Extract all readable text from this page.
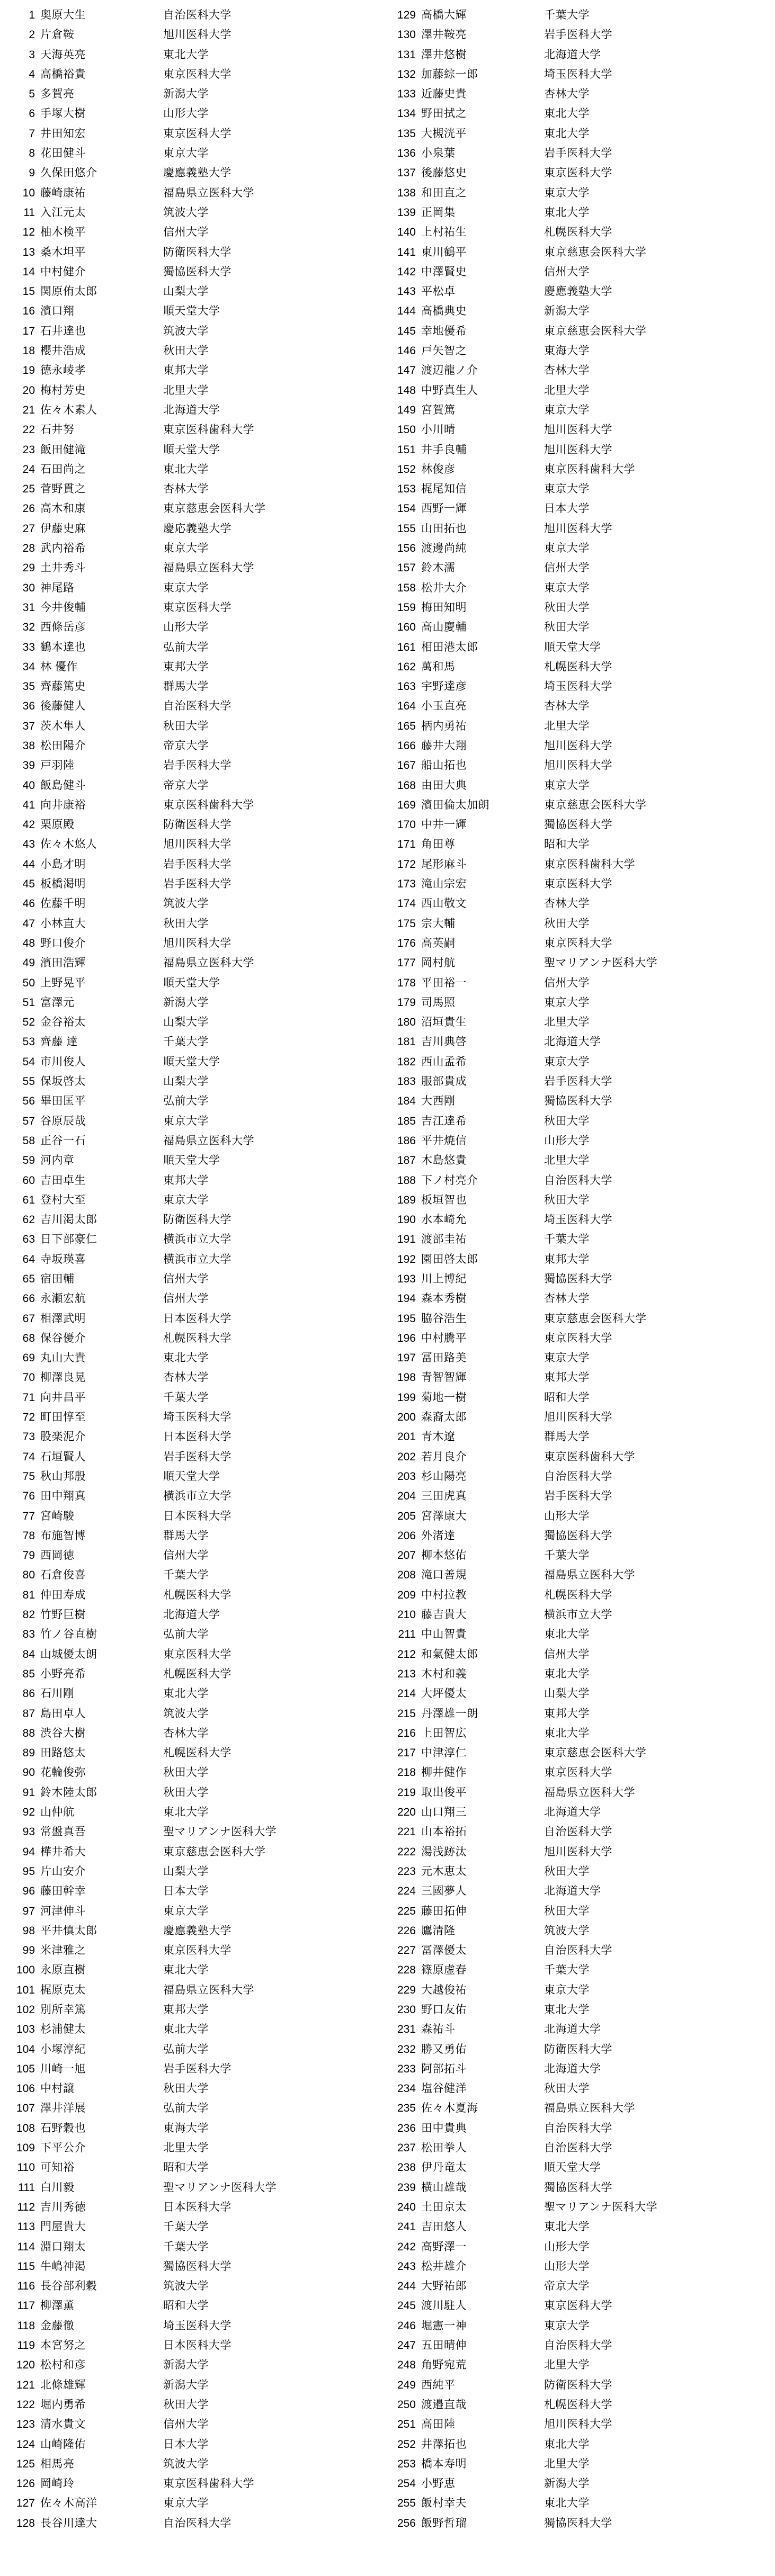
1 奥原大生	自治医科大学
2 片倉鞍	旭川医科大学
3 天海英亮	東北大学
4 高橋裕貴	東京医科大学
5 多賀亮	新潟大学
6 手塚大樹	山形大学
7 井田知宏	東京医科大学
8 花田健斗	東京大学
9 久保田悠介	慶應義塾大学
10 藤崎康祐	福島県立医科大学
11 入江元太	筑波大学
12 柚木検平	信州大学
13 桑木坦平	防衛医科大学
14 中村健介	獨協医科大学
15 関原侑太郎	山梨大学
16 濱口翔	順天堂大学
17 石井達也	筑波大学
18 櫻井浩成	秋田大学
19 德永崚孝	東邦大学
20 梅村芳史	北里大学
21 佐々木素人	北海道大学
22 石井努	東京医科歯科大学
23 飯田健滝	順天堂大学
24 石田尚之	東北大学
25 菅野貫之	杏林大学
26 高木和康	東京慈恵会医科大学
27 伊藤史麻	慶応義塾大学
28 武内裕希	東京大学
29 土井秀斗	福島県立医科大学
30 神尾路	東京大学
31 今井俊輔	東京医科大学
32 西條岳彦	山形大学
33 鶴本達也	弘前大学
34 林 優作	東邦大学
35 齊藤篤史	群馬大学
36 後藤健人	自治医科大学
37 茨木隼人	秋田大学
38 松田陽介	帝京大学
39 戸羽陸	岩手医科大学
40 飯島健斗	帝京大学
41 向井康裕	東京医科歯科大学
42 栗原殿	防衛医科大学
43 佐々木悠人	旭川医科大学
44 小島才明	岩手医科大学
45 板橋渇明	岩手医科大学
46 佐藤千明	筑波大学
47 小林直大	秋田大学
48 野口俊介	旭川医科大学
49 濱田浩輝	福島県立医科大学
50 上野晃平	順天堂大学
51 富澤元	新潟大学
52 金谷裕太	山梨大学
53 齊藤 達	千葉大学
54 市川俊人	順天堂大学
55 保坂啓太	山梨大学
56 畢田匡平	弘前大学
57 谷原辰哉	東京大学
58 正谷一石	福島県立医科大学
59 河内章	順天堂大学
60 吉田卓生	東邦大学
61 登村大至	東京大学
62 吉川渇太郎	防衛医科大学
63 日下部豪仁	横浜市立大学
64 寺坂瑛喜	横浜市立大学
65 宿田輔	信州大学
66 永瀬宏航	信州大学
67 相澤武明	日本医科大学
68 保谷優介	札幌医科大学
69 丸山大貴	東北大学
70 柳澤良晃	杏林大学
71 向井昌平	千葉大学
72 町田惇至	埼玉医科大学
73 股楽泥介	日本医科大学
74 石垣賢人	岩手医科大学
75 秋山邦殷	順天堂大学
76 田中翔真	横浜市立大学
77 宮崎駿	日本医科大学
78 布施智博	群馬大学
79 西岡徳	信州大学
80 石倉俊喜	千葉大学
81 仲田寿成	札幌医科大学
82 竹野巨樹	北海道大学
83 竹ノ谷直樹	弘前大学
84 山城優太朗	東京医科大学
85 小野亮希	札幌医科大学
86 石川剛	東北大学
87 島田卓人	筑波大学
88 渋谷大樹	杏林大学
89 田路悠太	札幌医科大学
90 花輪俊弥	秋田大学
91 鈴木陸太郎	秋田大学
92 山仲航	東北大学
93 常盤真吾	聖マリアンナ医科大学
94 樺井希大	東京慈恵会医科大学
95 片山安介	山梨大学
96 藤田幹幸	日本大学
97 河津伸斗	東京大学
98 平井慎太郎	慶應義塾大学
99 米津雅之	東京医科大学
100 永原直樹	東北大学
101 梶原克太	福島県立医科大学
102 別所幸篤	東邦大学
103 杉浦健太	東北大学
104 小塚淳紀	弘前大学
105 川崎一旭	岩手医科大学
106 中村譲	秋田大学
107 澤井洋展	弘前大学
108 石野穀也	東海大学
109 下平公介	北里大学
110 可知裕	昭和大学
111 白川毅	聖マリアンナ医科大学
112 吉川秀徳	日本医科大学
113 門屋貴大	千葉大学
114 淵口翔太	千葉大学
115 牛嶋神渇	獨協医科大学
116 長谷部利穀	筑波大学
117 柳澤薫	昭和大学
118 金藤徹	埼玉医科大学
119 本宮努之	日本医科大学
120 松村和彦	新潟大学
121 北條雄輝	新潟大学
122 堀内勇希	秋田大学
123 清水貴文	信州大学
124 山崎隆佑	日本大学
125 相馬亮	筑波大学
126 岡崎玲	東京医科歯科大学
127 佐々木高洋	東京大学
128 長谷川達大	自治医科大学
129 高橋大輝	千葉大学
130 澤井鞍亮	岩手医科大学
131 澤井悠樹	北海道大学
132 加藤綜一郎	埼玉医科大学
133 近藤史貴	杏林大学
134 野田拭之	東北大学
135 大槻洸平	東北大学
136 小泉葉	岩手医科大学
137 後藤悠史	東京医科大学
138 和田直之	東京大学
139 正岡集	東北大学
140 上村祐生	札幌医科大学
141 東川鶴平	東京慈恵会医科大学
142 中澤賢史	信州大学
143 平松卓	慶應義塾大学
144 高橋典史	新潟大学
145 幸地優希	東京慈恵会医科大学
146 戸矢智之	東海大学
147 渡辺龍ノ介	杏林大学
148 中野真生人	北里大学
149 宮賀篤	東京大学
150 小川晴	旭川医科大学
151 井手良輔	旭川医科大学
152 林俊彦	東京医科歯科大学
153 梶尾知信	東京大学
154 西野一輝	日本大学
155 山田拓也	旭川医科大学
156 渡邊尚純	東京大学
157 鈴木濡	信州大学
158 松井大介	東京大学
159 梅田知明	秋田大学
160 高山慶輔	秋田大学
161 相田港太郎	順天堂大学
162 萬和馬	札幌医科大学
163 宇野達彦	埼玉医科大学
164 小玉直亮	杏林大学
165 柄内勇祐	北里大学
166 藤井大翔	旭川医科大学
167 船山拓也	旭川医科大学
168 由田大典	東京大学
169 濱田倫太加朗	東京慈恵会医科大学
170 中井一輝	獨協医科大学
171 角田尊	昭和大学
172 尾形麻斗	東京医科歯科大学
173 滝山宗宏	東京医科大学
174 西山敬文	杏林大学
175 宗大輔	秋田大学
176 高英嗣	東京医科大学
177 岡村航	聖マリアンナ医科大学
178 平田裕一	信州大学
179 司馬照	東京大学
180 沼垣貴生	北里大学
181 吉川典啓	北海道大学
182 西山孟希	東京大学
183 服部貴成	岩手医科大学
184 大西剛	獨協医科大学
185 吉江達希	秋田大学
186 平井焼信	山形大学
187 木島悠貴	北里大学
188 下ノ村亮介	自治医科大学
189 板垣智也	秋田大学
190 水本崎允	埼玉医科大学
191 渡部圭祐	千葉大学
192 園田啓太郎	東邦大学
193 川上博紀	獨協医科大学
194 森本秀樹	杏林大学
195 脇谷浩生	東京慈恵会医科大学
196 中村騰平	東京医科大学
197 冨田路美	東京大学
198 青智智輝	東邦大学
199 菊地一樹	昭和大学
200 森裔太郎	旭川医科大学
201 青木遼	群馬大学
202 若月良介	東京医科歯科大学
203 杉山陽亮	自治医科大学
204 三田虎真	岩手医科大学
205 宮澤康大	山形大学
206 外渚達	獨協医科大学
207 柳本悠佑	千葉大学
208 滝口善規	福島県立医科大学
209 中村拉教	札幌医科大学
210 藤吉貴大	横浜市立大学
211 中山智貴	東北大学
212 和氣健太郎	信州大学
213 木村和義	東北大学
214 大坪優太	山梨大学
215 丹澤雄一朗	東邦大学
216 上田智広	東北大学
217 中津淳仁	東京慈恵会医科大学
218 柳井健作	東京医科大学
219 取出俊平	福島県立医科大学
220 山口翔三	北海道大学
221 山本裕拓	自治医科大学
222 湯浅跡汰	旭川医科大学
223 元木恵太	秋田大学
224 三國夢人	北海道大学
225 藤田拓伸	秋田大学
226 鷹清隆	筑波大学
227 冨澤優太	自治医科大学
228 篠原虚春	千葉大学
229 大越俊祐	東京大学
230 野口友佑	東北大学
231 森祐斗	北海道大学
232 勝又勇佑	防衛医科大学
233 阿部拓斗	北海道大学
234 塩谷健洋	秋田大学
235 佐々木夏海	福島県立医科大学
236 田中貴典	自治医科大学
237 松田拳人	自治医科大学
238 伊丹竜太	順天堂大学
239 横山雄哉	獨協医科大学
240 土田京太	聖マリアンナ医科大学
241 吉田悠人	東北大学
242 高野澤一	山形大学
243 松井雄介	山形大学
244 大野祐郎	帝京大学
245 渡川駐人	東京医科大学
246 堀憲一神	東京大学
247 五田晴伸	自治医科大学
248 角野宛荒	北里大学
249 西純平	防衛医科大学
250 渡邉直哉	札幌医科大学
251 高田陸	旭川医科大学
252 井澤拓也	東北大学
253 橋本寿明	北里大学
254 小野恵	新潟大学
255 飯村幸夫	東北大学
256 飯野哲瑠	獨協医科大学
